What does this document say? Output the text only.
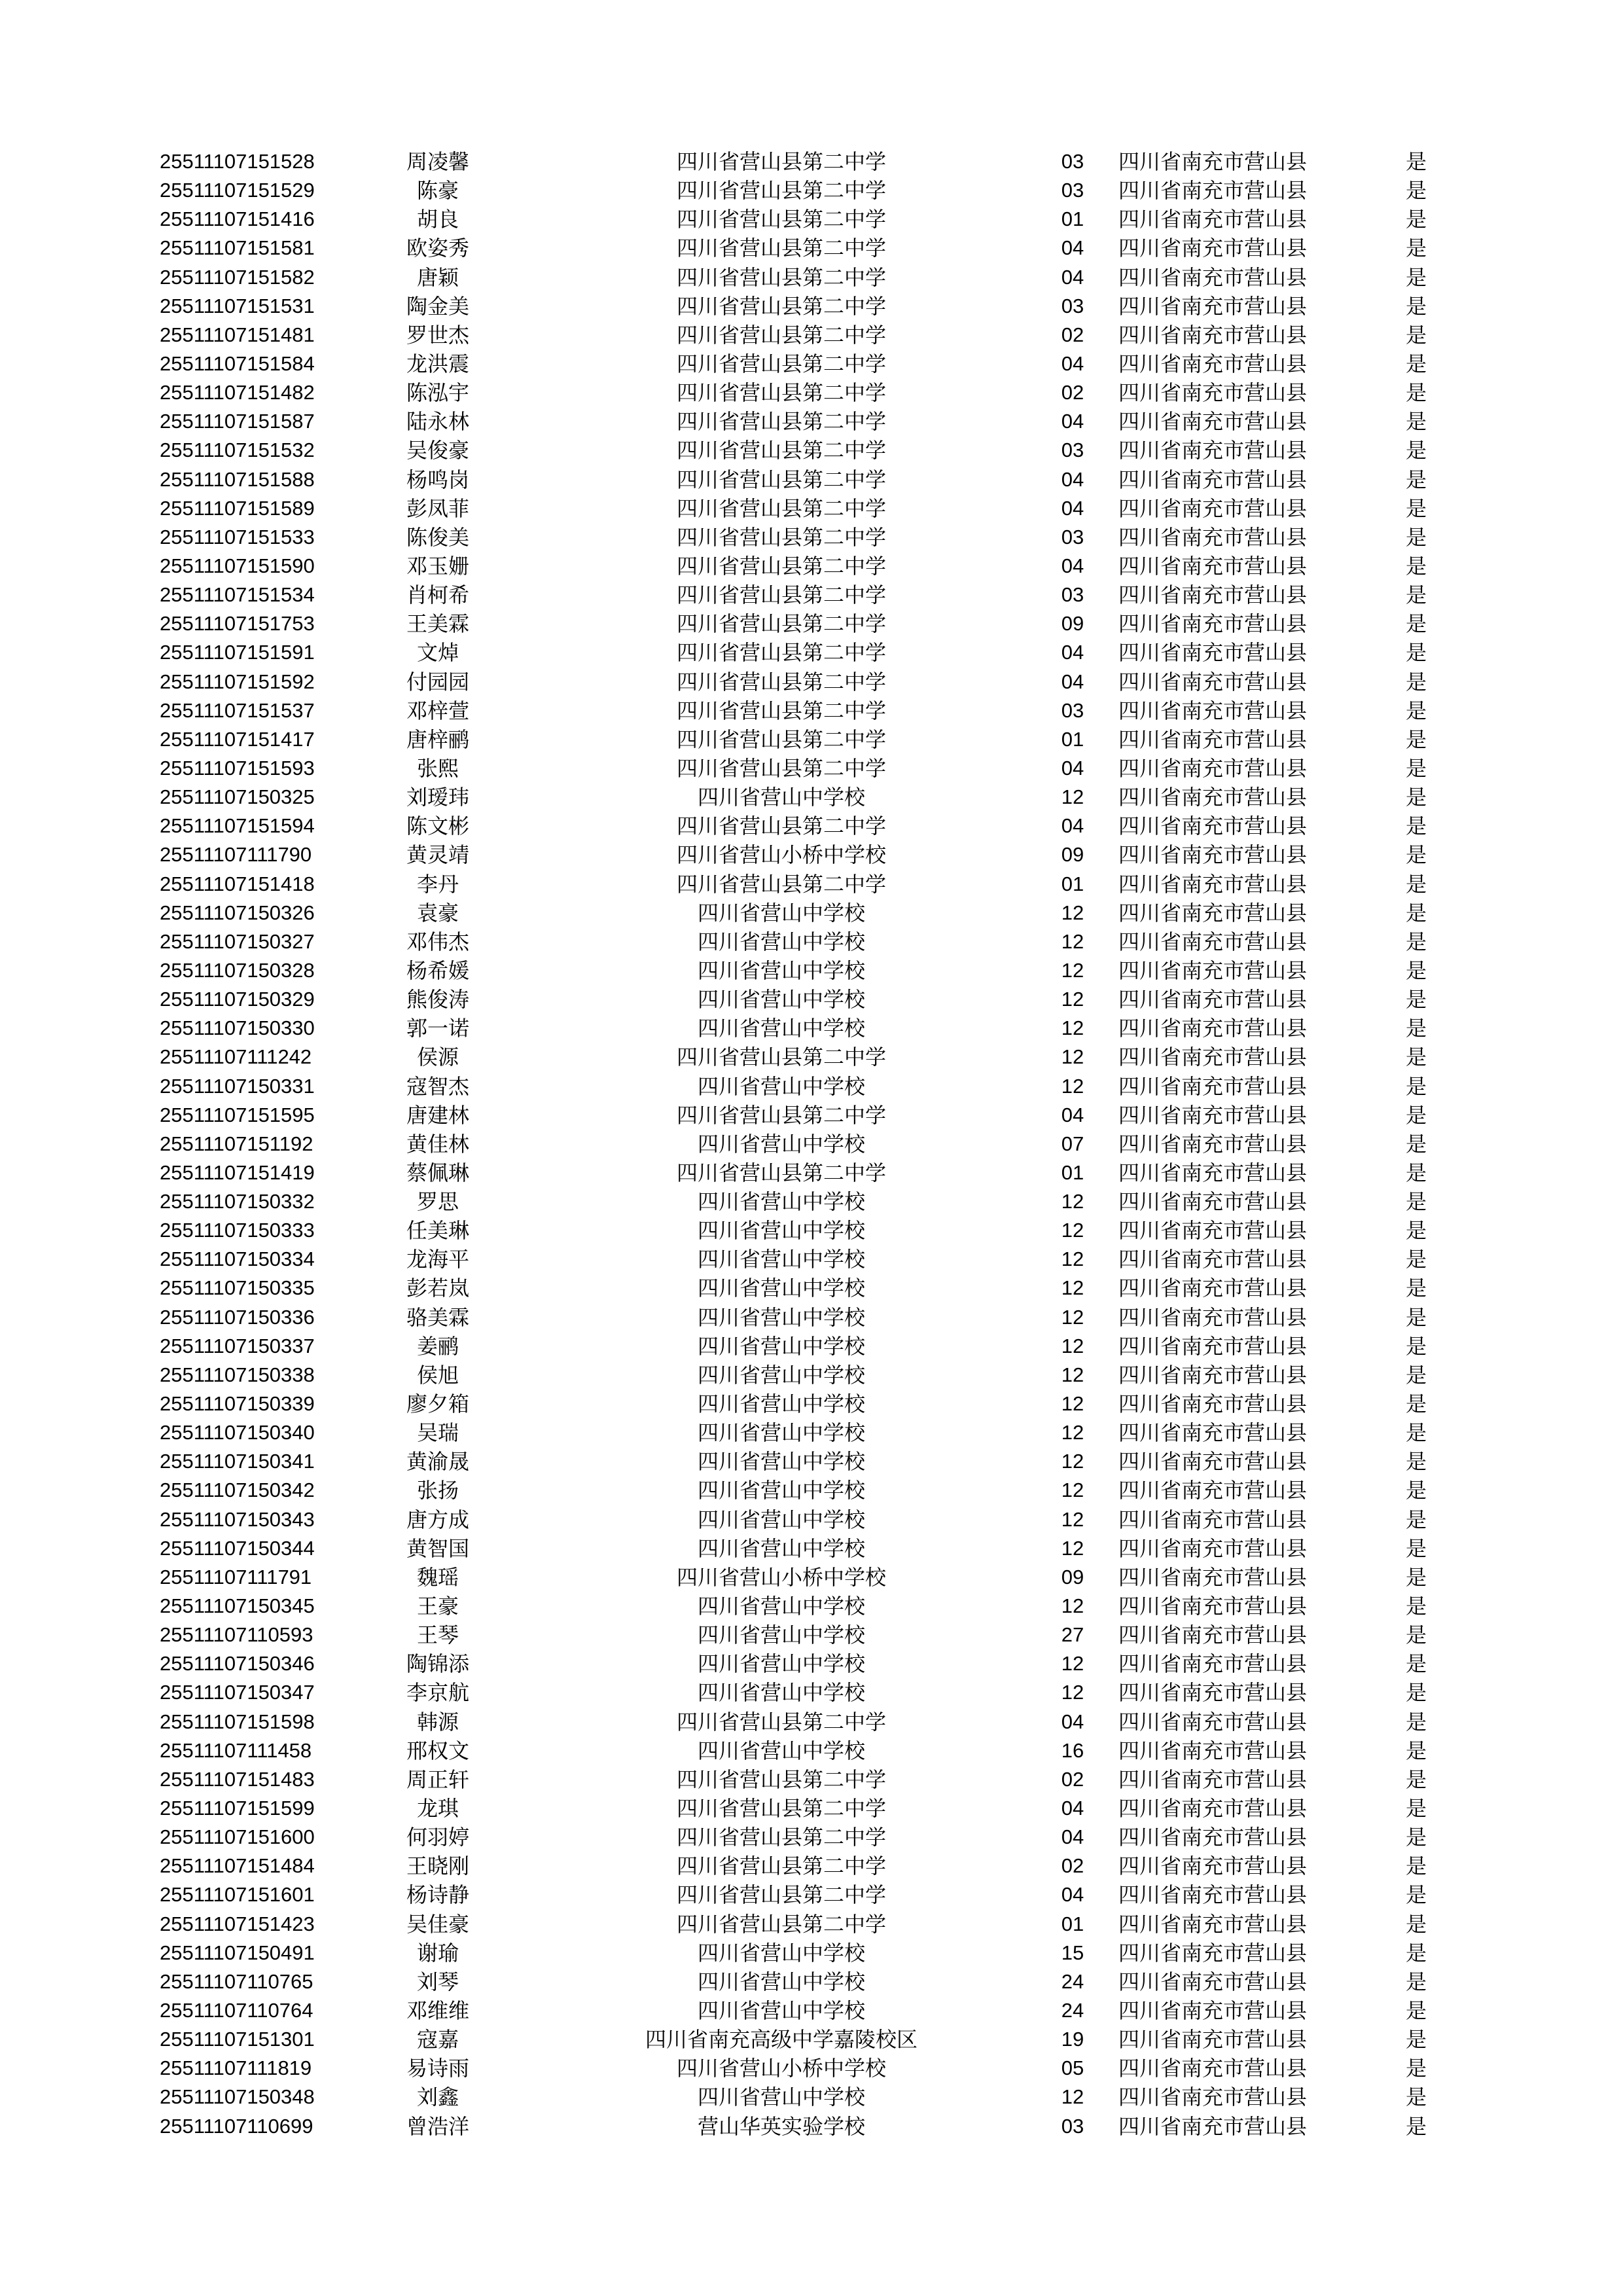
25511107151528	周凌馨	四川省营山县第二中学	03	四川省南充市营山县	是
25511107151529	陈豪	四川省营山县第二中学	03	四川省南充市营山县	是
25511107151416	胡良	四川省营山县第二中学	01	四川省南充市营山县	是
25511107151581	欧姿秀	四川省营山县第二中学	04	四川省南充市营山县	是
25511107151582	唐颖	四川省营山县第二中学	04	四川省南充市营山县	是
25511107151531	陶金美	四川省营山县第二中学	03	四川省南充市营山县	是
25511107151481	罗世杰	四川省营山县第二中学	02	四川省南充市营山县	是
25511107151584	龙洪震	四川省营山县第二中学	04	四川省南充市营山县	是
25511107151482	陈泓宇	四川省营山县第二中学	02	四川省南充市营山县	是
25511107151587	陆永林	四川省营山县第二中学	04	四川省南充市营山县	是
25511107151532	吴俊豪	四川省营山县第二中学	03	四川省南充市营山县	是
25511107151588	杨鸣岗	四川省营山县第二中学	04	四川省南充市营山县	是
25511107151589	彭凤菲	四川省营山县第二中学	04	四川省南充市营山县	是
25511107151533	陈俊美	四川省营山县第二中学	03	四川省南充市营山县	是
25511107151590	邓玉姗	四川省营山县第二中学	04	四川省南充市营山县	是
25511107151534	肖柯希	四川省营山县第二中学	03	四川省南充市营山县	是
25511107151753	王美霖	四川省营山县第二中学	09	四川省南充市营山县	是
25511107151591	文焯	四川省营山县第二中学	04	四川省南充市营山县	是
25511107151592	付园园	四川省营山县第二中学	04	四川省南充市营山县	是
25511107151537	邓梓萱	四川省营山县第二中学	03	四川省南充市营山县	是
25511107151417	唐梓鹂	四川省营山县第二中学	01	四川省南充市营山县	是
25511107151593	张熙	四川省营山县第二中学	04	四川省南充市营山县	是
25511107150325	刘瑷玮	四川省营山中学校	12	四川省南充市营山县	是
25511107151594	陈文彬	四川省营山县第二中学	04	四川省南充市营山县	是
25511107111790	黄灵靖	四川省营山小桥中学校	09	四川省南充市营山县	是
25511107151418	李丹	四川省营山县第二中学	01	四川省南充市营山县	是
25511107150326	袁豪	四川省营山中学校	12	四川省南充市营山县	是
25511107150327	邓伟杰	四川省营山中学校	12	四川省南充市营山县	是
25511107150328	杨希媛	四川省营山中学校	12	四川省南充市营山县	是
25511107150329	熊俊涛	四川省营山中学校	12	四川省南充市营山县	是
25511107150330	郭一诺	四川省营山中学校	12	四川省南充市营山县	是
25511107111242	侯源	四川省营山县第二中学	12	四川省南充市营山县	是
25511107150331	寇智杰	四川省营山中学校	12	四川省南充市营山县	是
25511107151595	唐建林	四川省营山县第二中学	04	四川省南充市营山县	是
25511107151192	黄佳林	四川省营山中学校	07	四川省南充市营山县	是
25511107151419	蔡佩琳	四川省营山县第二中学	01	四川省南充市营山县	是
25511107150332	罗思	四川省营山中学校	12	四川省南充市营山县	是
25511107150333	任美琳	四川省营山中学校	12	四川省南充市营山县	是
25511107150334	龙海平	四川省营山中学校	12	四川省南充市营山县	是
25511107150335	彭若岚	四川省营山中学校	12	四川省南充市营山县	是
25511107150336	骆美霖	四川省营山中学校	12	四川省南充市营山县	是
25511107150337	姜鹂	四川省营山中学校	12	四川省南充市营山县	是
25511107150338	侯旭	四川省营山中学校	12	四川省南充市营山县	是
25511107150339	廖夕箱	四川省营山中学校	12	四川省南充市营山县	是
25511107150340	吴瑞	四川省营山中学校	12	四川省南充市营山县	是
25511107150341	黄渝晟	四川省营山中学校	12	四川省南充市营山县	是
25511107150342	张扬	四川省营山中学校	12	四川省南充市营山县	是
25511107150343	唐方成	四川省营山中学校	12	四川省南充市营山县	是
25511107150344	黄智国	四川省营山中学校	12	四川省南充市营山县	是
25511107111791	魏瑶	四川省营山小桥中学校	09	四川省南充市营山县	是
25511107150345	王豪	四川省营山中学校	12	四川省南充市营山县	是
25511107110593	王琴	四川省营山中学校	27	四川省南充市营山县	是
25511107150346	陶锦添	四川省营山中学校	12	四川省南充市营山县	是
25511107150347	李京航	四川省营山中学校	12	四川省南充市营山县	是
25511107151598	韩源	四川省营山县第二中学	04	四川省南充市营山县	是
25511107111458	邢权文	四川省营山中学校	16	四川省南充市营山县	是
25511107151483	周正轩	四川省营山县第二中学	02	四川省南充市营山县	是
25511107151599	龙琪	四川省营山县第二中学	04	四川省南充市营山县	是
25511107151600	何羽婷	四川省营山县第二中学	04	四川省南充市营山县	是
25511107151484	王晓刚	四川省营山县第二中学	02	四川省南充市营山县	是
25511107151601	杨诗静	四川省营山县第二中学	04	四川省南充市营山县	是
25511107151423	吴佳豪	四川省营山县第二中学	01	四川省南充市营山县	是
25511107150491	谢瑜	四川省营山中学校	15	四川省南充市营山县	是
25511107110765	刘琴	四川省营山中学校	24	四川省南充市营山县	是
25511107110764	邓维维	四川省营山中学校	24	四川省南充市营山县	是
25511107151301	寇嘉	四川省南充高级中学嘉陵校区	19	四川省南充市营山县	是
25511107111819	易诗雨	四川省营山小桥中学校	05	四川省南充市营山县	是
25511107150348	刘鑫	四川省营山中学校	12	四川省南充市营山县	是
25511107110699	曾浩洋	营山华英实验学校	03	四川省南充市营山县	是
